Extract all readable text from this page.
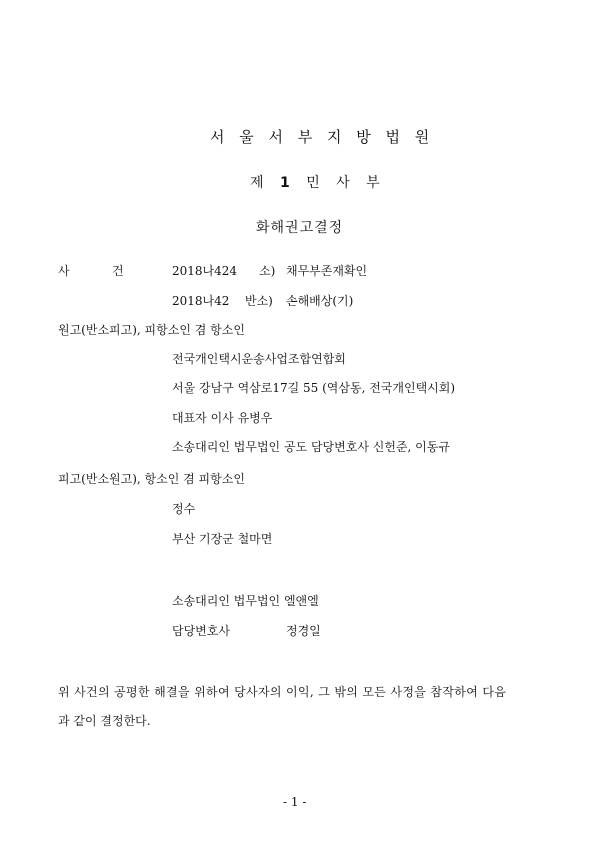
서 울 서 부 지 방 법 원
제 1 민 사 부
화해권고결정
사	건	2018나424 소) 채무부존재확인
2018나42 반소) 손해배상(기)
원고(반소피고), 피항소인 겸 항소인
전국개인택시운송사업조합연합회
서울 강남구 역삼로17길 55 (역삼동, 전국개인택시회)
대표자 이사 유병우
소송대리인 법무법인 공도 담당변호사 신헌준, 이동규
피고(반소원고), 항소인 겸 피항소인
정수
부산 기장군 철마면
소송대리인 법무법인 엘앤엘
담당변호사	정경일
위 사건의 공평한 해결을 위하여 당사자의 이익, 그 밖의 모든 사정을 참작하여 다음
과 같이 결정한다.
- 1 -
